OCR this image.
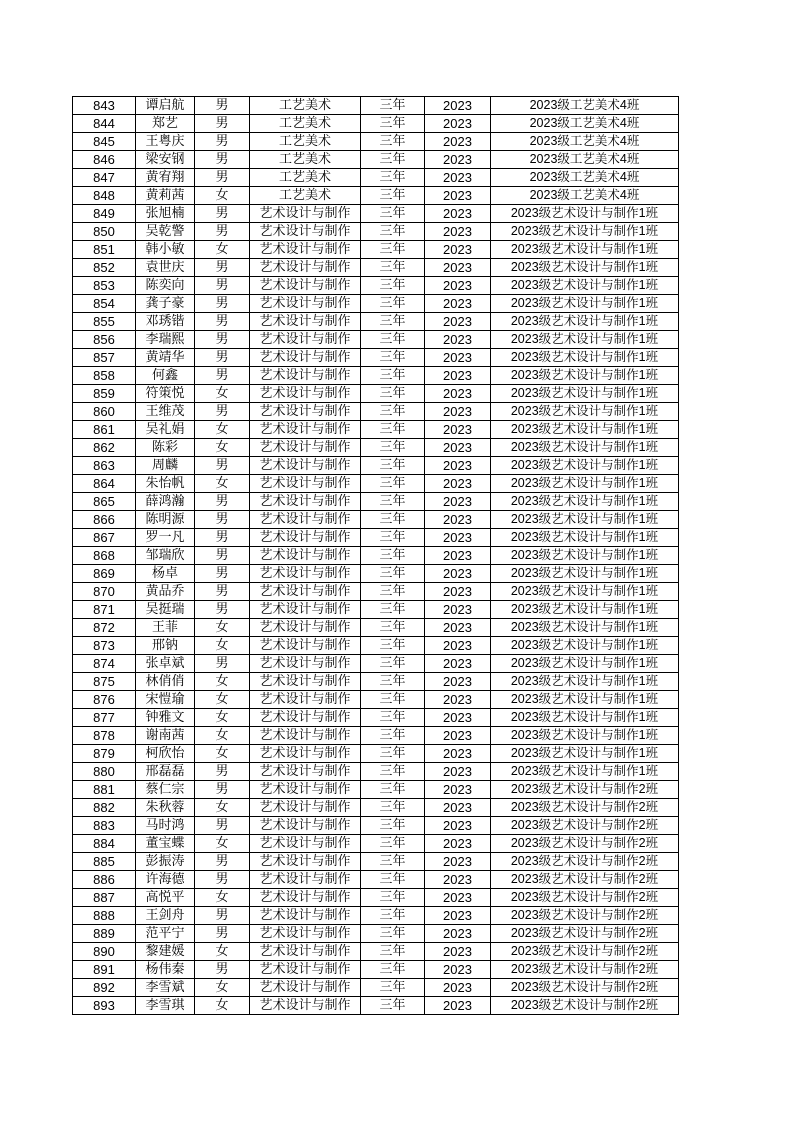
843	谭启航	男	工艺美术	三年	2023	2023级工艺美术4班
844	郑艺	男	工艺美术	三年	2023	2023级工艺美术4班
845	王粤庆	男	工艺美术	三年	2023	2023级工艺美术4班
846	梁安钢	男	工艺美术	三年	2023	2023级工艺美术4班
847	黄宥翔	男	工艺美术	三年	2023	2023级工艺美术4班
848	黄莉茜	女	工艺美术	三年	2023	2023级工艺美术4班
849	张旭楠	男	艺术设计与制作	三年	2023	2023级艺术设计与制作1班
850	吴乾警	男	艺术设计与制作	三年	2023	2023级艺术设计与制作1班
851	韩小敏	女	艺术设计与制作	三年	2023	2023级艺术设计与制作1班
852	袁世庆	男	艺术设计与制作	三年	2023	2023级艺术设计与制作1班
853	陈奕向	男	艺术设计与制作	三年	2023	2023级艺术设计与制作1班
854	龚子豪	男	艺术设计与制作	三年	2023	2023级艺术设计与制作1班
855	邓琇锴	男	艺术设计与制作	三年	2023	2023级艺术设计与制作1班
856	李瑞熙	男	艺术设计与制作	三年	2023	2023级艺术设计与制作1班
857	黄靖华	男	艺术设计与制作	三年	2023	2023级艺术设计与制作1班
858	何鑫	男	艺术设计与制作	三年	2023	2023级艺术设计与制作1班
859	符策悦	女	艺术设计与制作	三年	2023	2023级艺术设计与制作1班
860	王维茂	男	艺术设计与制作	三年	2023	2023级艺术设计与制作1班
861	吴礼娟	女	艺术设计与制作	三年	2023	2023级艺术设计与制作1班
862	陈彩	女	艺术设计与制作	三年	2023	2023级艺术设计与制作1班
863	周麟	男	艺术设计与制作	三年	2023	2023级艺术设计与制作1班
864	朱怡帆	女	艺术设计与制作	三年	2023	2023级艺术设计与制作1班
865	薛鸿瀚	男	艺术设计与制作	三年	2023	2023级艺术设计与制作1班
866	陈明源	男	艺术设计与制作	三年	2023	2023级艺术设计与制作1班
867	罗一凡	男	艺术设计与制作	三年	2023	2023级艺术设计与制作1班
868	邹瑞欣	男	艺术设计与制作	三年	2023	2023级艺术设计与制作1班
869	杨卓	男	艺术设计与制作	三年	2023	2023级艺术设计与制作1班
870	黄品乔	男	艺术设计与制作	三年	2023	2023级艺术设计与制作1班
871	吴挺瑞	男	艺术设计与制作	三年	2023	2023级艺术设计与制作1班
872	王菲	女	艺术设计与制作	三年	2023	2023级艺术设计与制作1班
873	邢钠	女	艺术设计与制作	三年	2023	2023级艺术设计与制作1班
874	张卓斌	男	艺术设计与制作	三年	2023	2023级艺术设计与制作1班
875	林俏俏	女	艺术设计与制作	三年	2023	2023级艺术设计与制作1班
876	宋愷瑜	女	艺术设计与制作	三年	2023	2023级艺术设计与制作1班
877	钟雅文	女	艺术设计与制作	三年	2023	2023级艺术设计与制作1班
878	谢南茜	女	艺术设计与制作	三年	2023	2023级艺术设计与制作1班
879	柯欣怡	女	艺术设计与制作	三年	2023	2023级艺术设计与制作1班
880	邢磊磊	男	艺术设计与制作	三年	2023	2023级艺术设计与制作1班
881	蔡仁宗	男	艺术设计与制作	三年	2023	2023级艺术设计与制作2班
882	朱秋蓉	女	艺术设计与制作	三年	2023	2023级艺术设计与制作2班
883	马时鸿	男	艺术设计与制作	三年	2023	2023级艺术设计与制作2班
884	董宝蝶	女	艺术设计与制作	三年	2023	2023级艺术设计与制作2班
885	彭振涛	男	艺术设计与制作	三年	2023	2023级艺术设计与制作2班
886	许海德	男	艺术设计与制作	三年	2023	2023级艺术设计与制作2班
887	高悦平	女	艺术设计与制作	三年	2023	2023级艺术设计与制作2班
888	王剑舟	男	艺术设计与制作	三年	2023	2023级艺术设计与制作2班
889	范平宁	男	艺术设计与制作	三年	2023	2023级艺术设计与制作2班
890	黎建媛	女	艺术设计与制作	三年	2023	2023级艺术设计与制作2班
891	杨伟秦	男	艺术设计与制作	三年	2023	2023级艺术设计与制作2班
892	李雪斌	女	艺术设计与制作	三年	2023	2023级艺术设计与制作2班
893	李雪琪	女	艺术设计与制作	三年	2023	2023级艺术设计与制作2班
